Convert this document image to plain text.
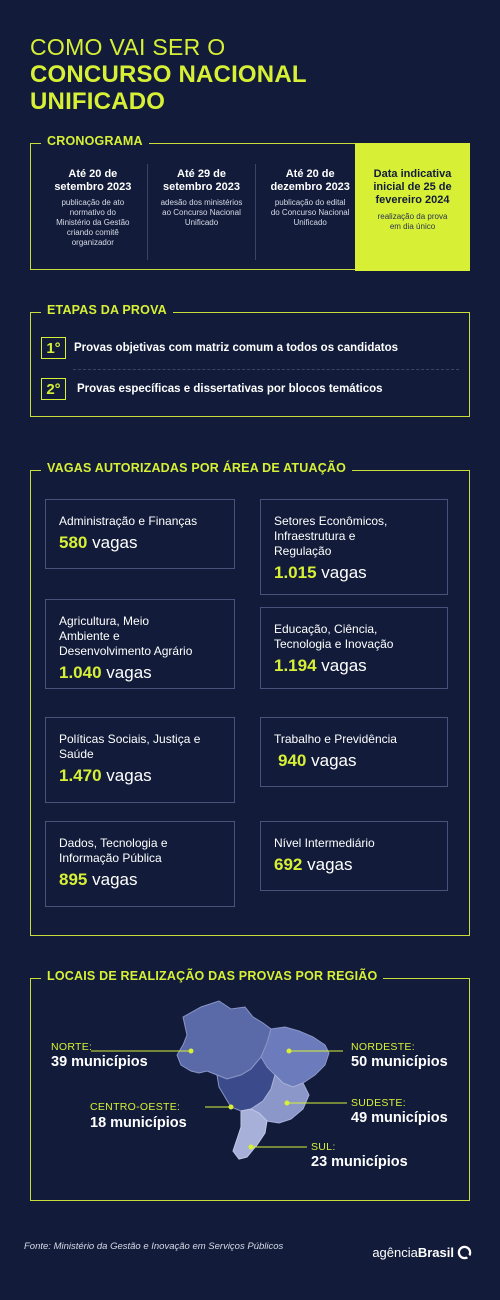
COMO VAI SER O
CONCURSO NACIONAL
UNIFICADO
CRONOGRAMA
Até 20 de
setembro 2023
publicação de ato
normativo do
Ministério da Gestão
criando comitê
organizador
Até 29 de
setembro 2023
adesão dos ministérios
ao Concurso Nacional
Unificado
Até 20 de
dezembro 2023
publicação do edital
do Concurso Nacional
Unificado
Data indicativa
inicial de 25 de
fevereiro 2024
realização da prova
em dia único
ETAPAS DA PROVA
1°	Provas objetivas com matriz comum a todos os candidatos
2°	Provas específicas e dissertativas por blocos temáticos
VAGAS AUTORIZADAS POR ÁREA DE ATUAÇÃO
Administração e Finanças
580 vagas
Setores Econômicos,
Infraestrutura e
Regulação
1.015 vagas
Agricultura, Meio
Ambiente e
Desenvolvimento Agrário
1.040 vagas
Educação, Ciência,
Tecnologia e Inovação
1.194 vagas
Políticas Sociais, Justiça e
Saúde
1.470 vagas
Trabalho e Previdência
940 vagas
Dados, Tecnologia e
Informação Pública
895 vagas
Nível Intermediário
692 vagas
LOCAIS DE REALIZAÇÃO DAS PROVAS POR REGIÃO
NORTE:
39 municípios
NORDESTE:
50 municípios
CENTRO-OESTE:
18 municípios
SUDESTE:
49 municípios
SUL:
23 municípios
Fonte: Ministério da Gestão e Inovação em Serviços Públicos	agência Brasil
